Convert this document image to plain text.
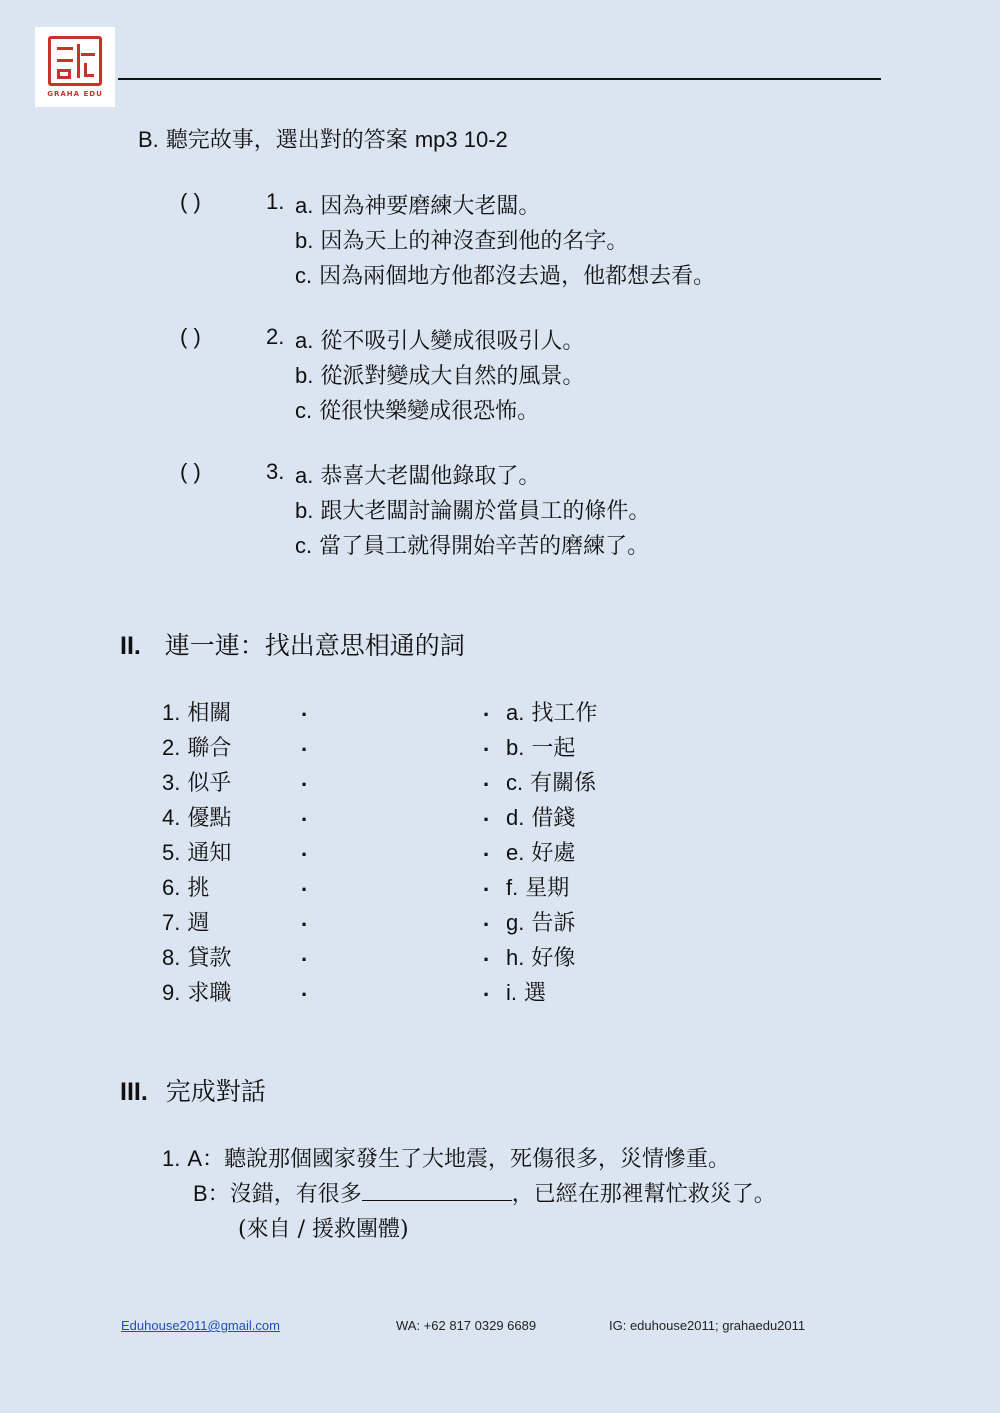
GRAHA EDU
B. 聽完故事，選出對的答案 mp3 10-2
( )	1. a. 因為神要磨練大老闆。
b. 因為天上的神沒查到他的名字。
c. 因為兩個地方他都沒去過，他都想去看。
( )	2. a. 從不吸引人變成很吸引人。
b. 從派對變成大自然的風景。
c. 從很快樂變成很恐怖。
( )	3. a. 恭喜大老闆他錄取了。
b. 跟大老闆討論關於當員工的條件。
c. 當了員工就得開始辛苦的磨練了。
II. 連一連：找出意思相通的詞
1. 相關	.	. a. 找工作
2. 聯合	.	. b. 一起
3. 似乎	.	. c. 有關係
4. 優點	.	. d. 借錢
5. 通知	.	. e. 好處
6. 挑	.	. f. 星期
7. 週	.	. g. 告訴
8. 貸款	.	. h. 好像
9. 求職	.	. i. 選
III. 完成對話
1. A：聽說那個國家發生了大地震，死傷很多，災情慘重。
B：沒錯，有很多	，已經在那裡幫忙救災了。
(來自 / 援救團體)
Eduhouse2011@gmail.com	WA: +62 817 0329 6689	IG: eduhouse2011; grahaedu2011
